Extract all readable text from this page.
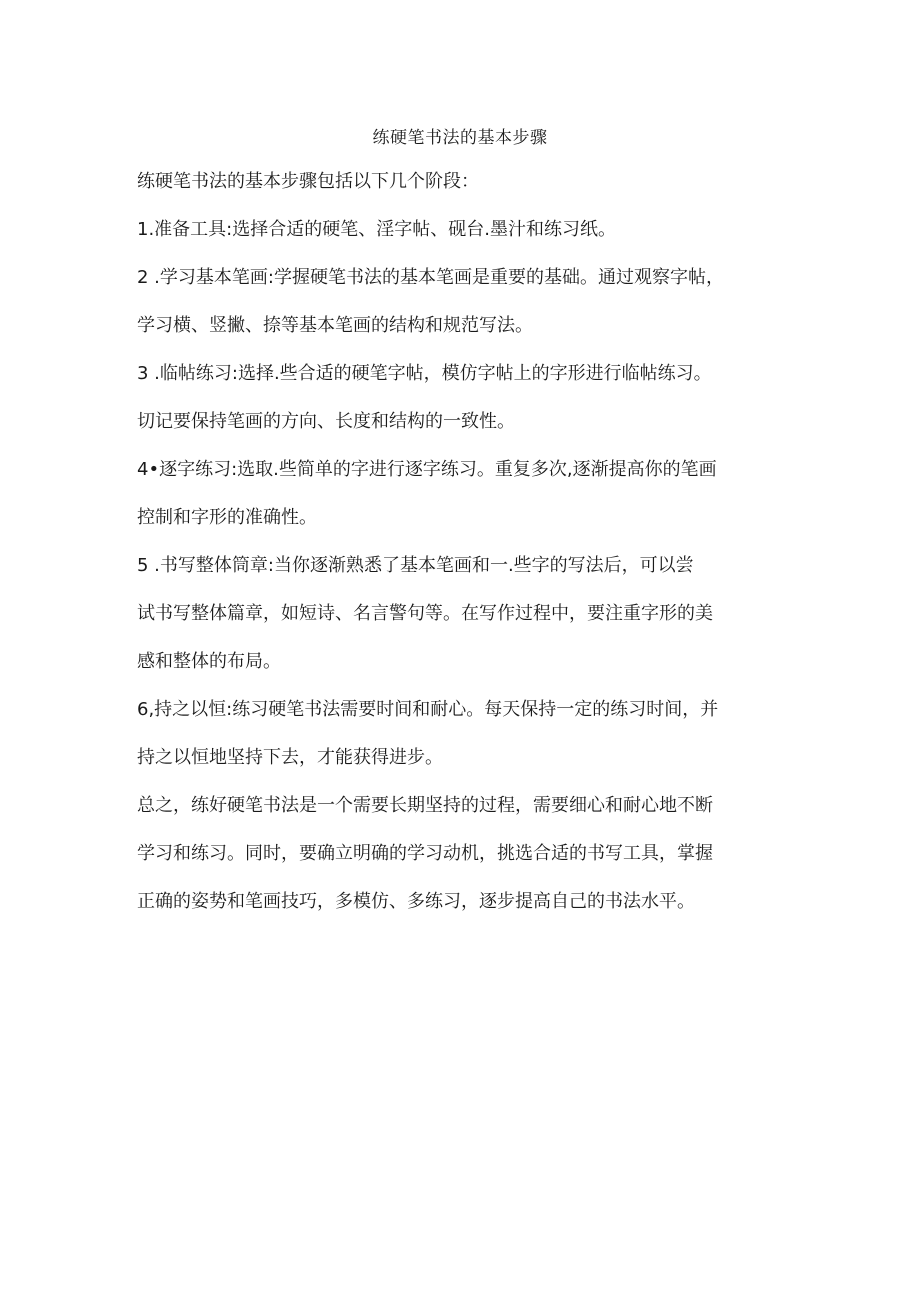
练硬笔书法的基本步骤
练硬笔书法的基本步骤包括以下几个阶段：
1.准备工具:选择合适的硬笔、淫字帖、砚台.墨汁和练习纸。
2 .学习基本笔画:学握硬笔书法的基本笔画是重要的基础。通过观察字帖，
学习横、竖撇、捺等基本笔画的结构和规范写法。
3 .临帖练习:选择.些合适的硬笔字帖，模仿字帖上的字形进行临帖练习。
切记要保持笔画的方向、长度和结构的一致性。
4•逐字练习:选取.些简单的字进行逐字练习。重复多次,逐渐提高你的笔画
控制和字形的准确性。
5 .书写整体筒章:当你逐渐熟悉了基本笔画和一.些字的写法后，可以尝
试书写整体篇章，如短诗、名言警句等。在写作过程中，要注重字形的美
感和整体的布局。
6,持之以恒:练习硬笔书法需要时间和耐心。每天保持一定的练习时间，并
持之以恒地坚持下去，才能获得进步。
总之，练好硬笔书法是一个需要长期坚持的过程，需要细心和耐心地不断
学习和练习。同时，要确立明确的学习动机，挑选合适的书写工具，掌握
正确的姿势和笔画技巧，多模仿、多练习，逐步提高自己的书法水平。
